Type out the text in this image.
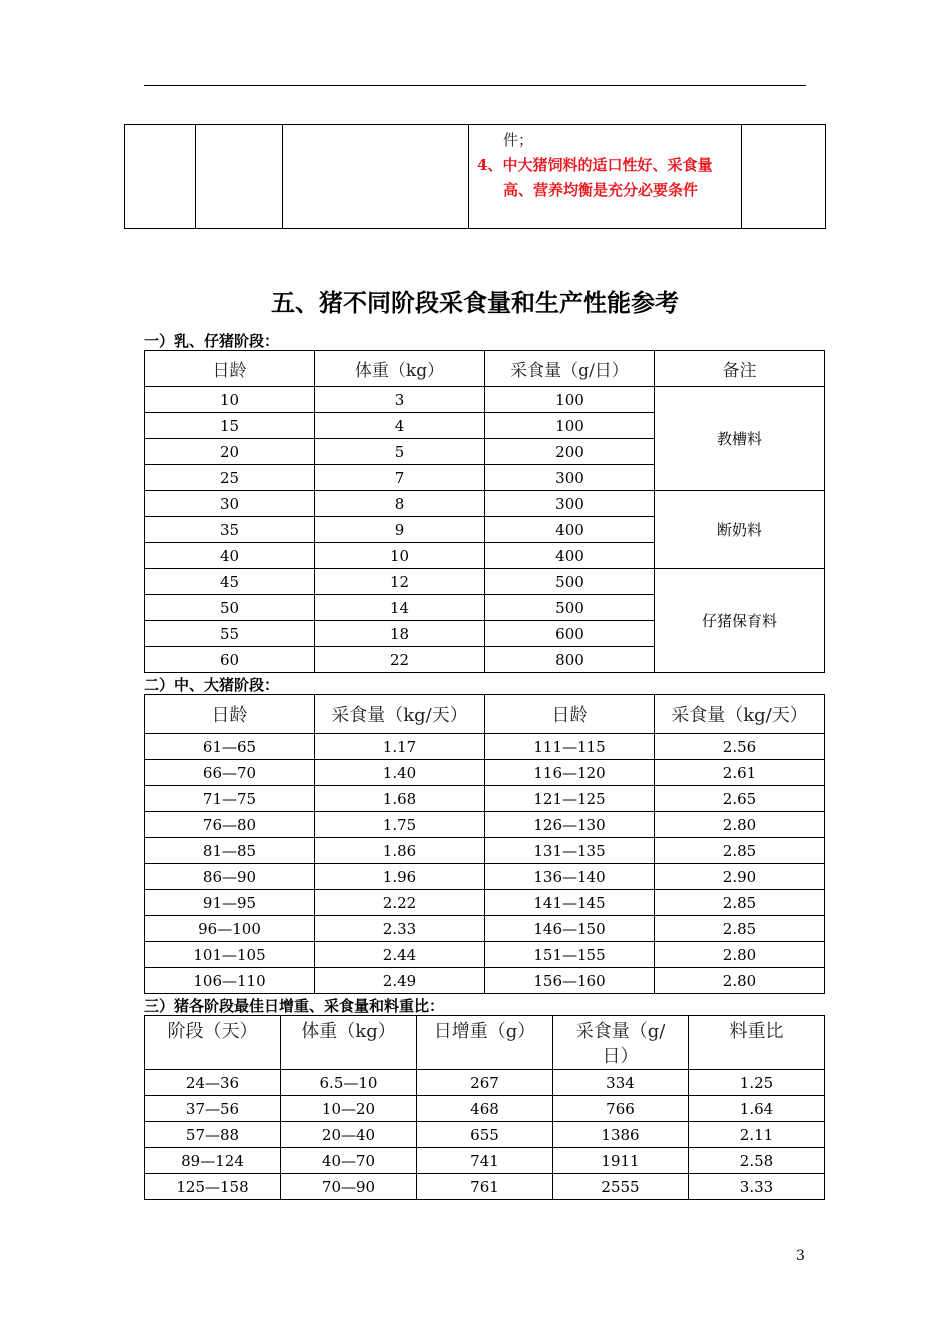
件；
4、中大猪饲料的适口性好、采食量高、营养均衡是充分必要条件

五、猪不同阶段采食量和生产性能参考
一）乳、仔猪阶段：
日龄	体重（kg）	采食量（g/日）	备注
10	3	100	教槽料
15	4	100	
20	5	200	
25	7	300	
30	8	300	断奶料
35	9	400	
40	10	400	
45	12	500	仔猪保育料
50	14	500	
55	18	600	
60	22	800	
二）中、大猪阶段：
日龄	采食量（kg/天）	日龄	采食量（kg/天）
61—65	1.17	111—115	2.56
66—70	1.40	116—120	2.61
71—75	1.68	121—125	2.65
76—80	1.75	126—130	2.80
81—85	1.86	131—135	2.85
86—90	1.96	136—140	2.90
91—95	2.22	141—145	2.85
96—100	2.33	146—150	2.85
101—105	2.44	151—155	2.80
106—110	2.49	156—160	2.80
三）猪各阶段最佳日增重、采食量和料重比：
阶段（天）	体重（kg）	日增重（g）	采食量（g/日）	料重比
24—36	6.5—10	267	334	1.25
37—56	10—20	468	766	1.64
57—88	20—40	655	1386	2.11
89—124	40—70	741	1911	2.58
125—158	70—90	761	2555	3.33
3
